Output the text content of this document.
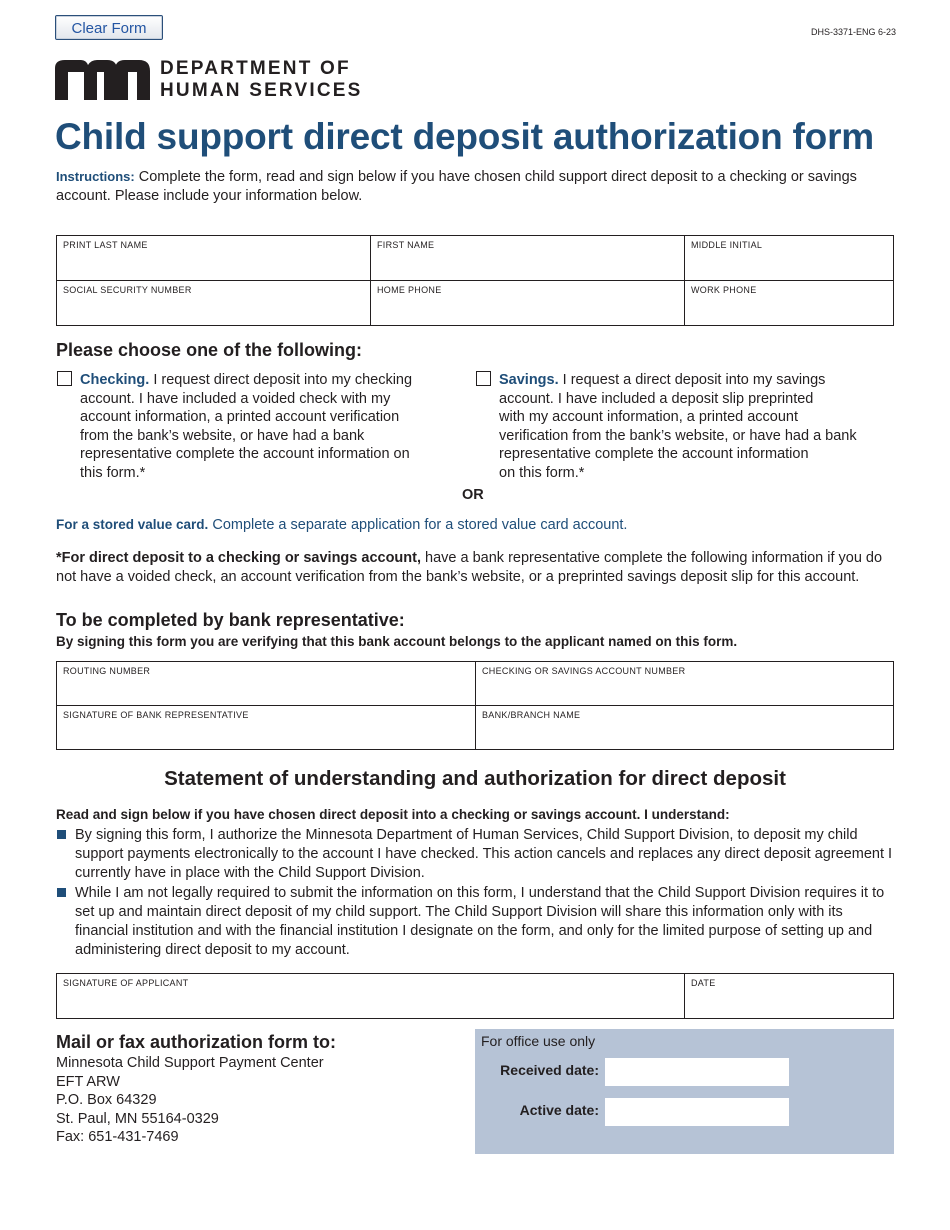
Clear Form	DHS-3371-ENG 6-23
DEPARTMENT OF
HUMAN SERVICES
Child support direct deposit authorization form

Instructions: Complete the form, read and sign below if you have chosen child support direct deposit to a checking or savings account. Please include your information below.

PRINT LAST NAME	FIRST NAME	MIDDLE INITIAL
SOCIAL SECURITY NUMBER	HOME PHONE	WORK PHONE
Please choose one of the following:
Checking. I request direct deposit into my checking
account. I have included a voided check with my
account information, a printed account verification
from the bank’s website, or have had a bank
representative complete the account information on
this form.*
Savings. I request a direct deposit into my savings
account. I have included a deposit slip preprinted
with my account information, a printed account
verification from the bank’s website, or have had a bank
representative complete the account information
on this form.*
OR
For a stored value card. Complete a separate application for a stored value card account.

*For direct deposit to a checking or savings account, have a bank representative complete the following information if you do not have a voided check, an account verification from the bank’s website, or a preprinted savings deposit slip for this account.

To be completed by bank representative:
By signing this form you are verifying that this bank account belongs to the applicant named on this form.
ROUTING NUMBER	CHECKING OR SAVINGS ACCOUNT NUMBER
SIGNATURE OF BANK REPRESENTATIVE	BANK/BRANCH NAME
Statement of understanding and authorization for direct deposit
Read and sign below if you have chosen direct deposit into a checking or savings account. I understand:
By signing this form, I authorize the Minnesota Department of Human Services, Child Support Division, to deposit my child support payments electronically to the account I have checked. This action cancels and replaces any direct deposit agreement I currently have in place with the Child Support Division.
While I am not legally required to submit the information on this form, I understand that the Child Support Division requires it to set up and maintain direct deposit of my child support. The Child Support Division will share this information only with its financial institution and with the financial institution I designate on the form, and only for the limited purpose of setting up and administering direct deposit to my account.
SIGNATURE OF APPLICANT	DATE
Mail or fax authorization form to:
Minnesota Child Support Payment Center
EFT ARW
P.O. Box 64329
St. Paul, MN 55164-0329
Fax: 651-431-7469
For office use only
Received date:
Active date:
